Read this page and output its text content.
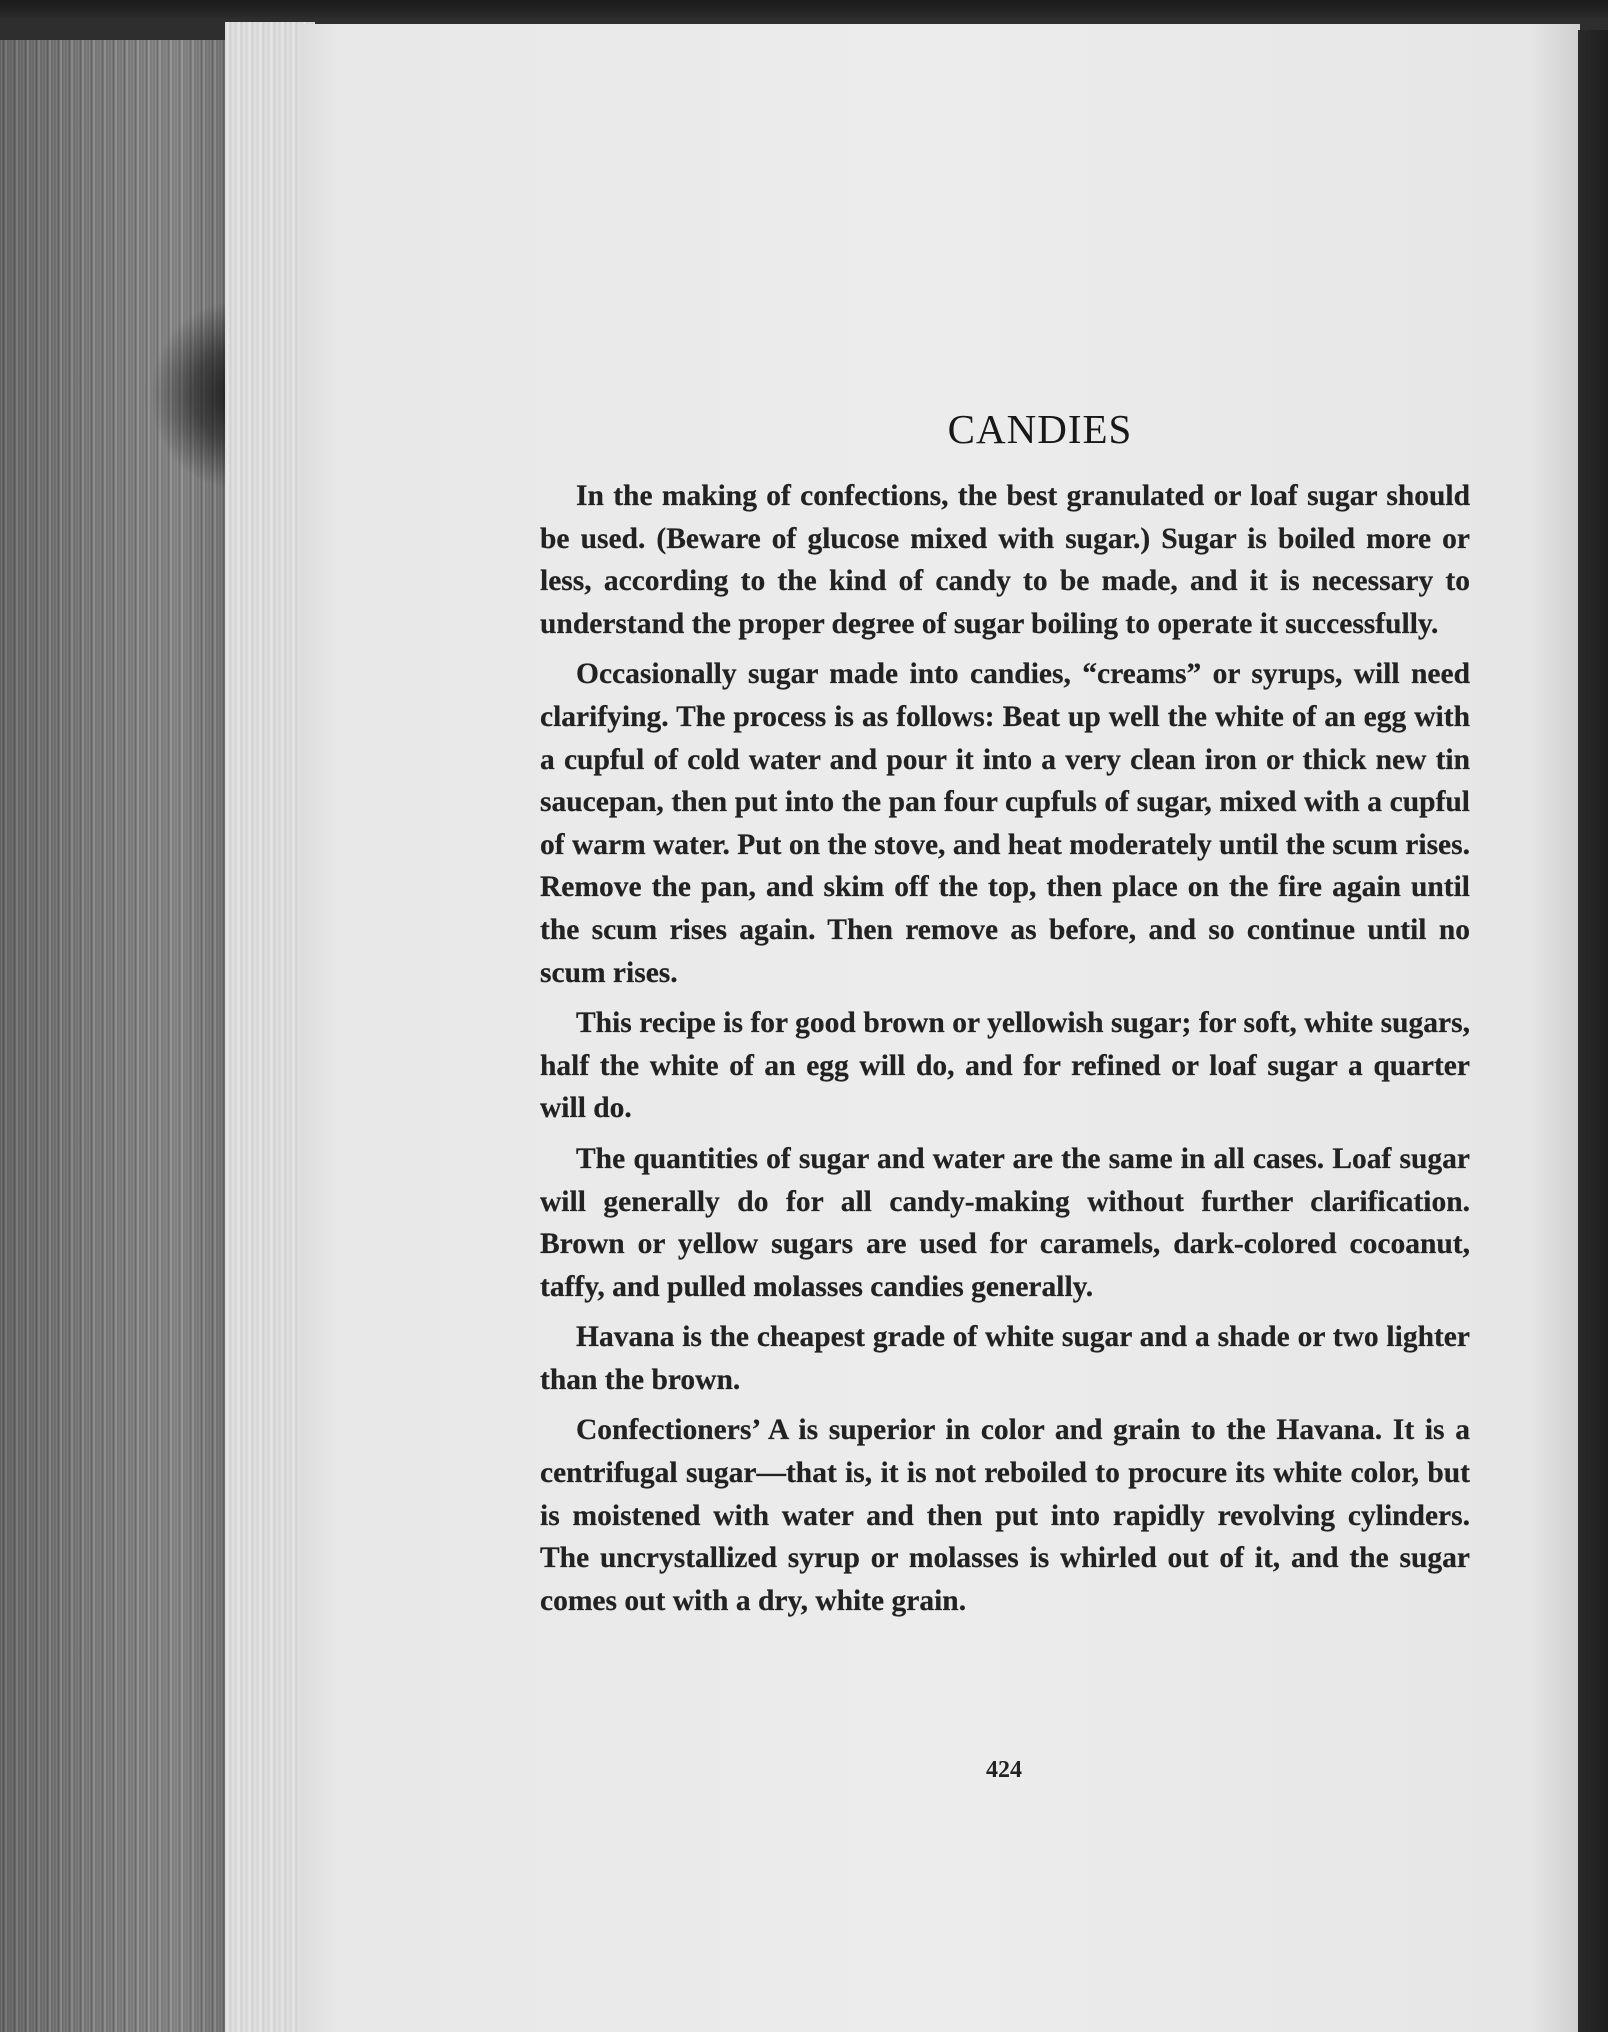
CANDIES

In the making of confections, the best granulated or loaf sugar should be used. (Beware of glucose mixed with sugar.) Sugar is boiled more or less, according to the kind of candy to be made, and it is necessary to understand the proper degree of sugar boiling to operate it successfully.

Occasionally sugar made into candies, “creams” or syrups, will need clarifying. The process is as follows: Beat up well the white of an egg with a cupful of cold water and pour it into a very clean iron or thick new tin saucepan, then put into the pan four cupfuls of sugar, mixed with a cupful of warm water. Put on the stove, and heat moderately until the scum rises. Remove the pan, and skim off the top, then place on the fire again until the scum rises again. Then remove as before, and so continue until no scum rises.

This recipe is for good brown or yellowish sugar; for soft, white sugars, half the white of an egg will do, and for refined or loaf sugar a quarter will do.

The quantities of sugar and water are the same in all cases. Loaf sugar will generally do for all candy-making without further clarification. Brown or yellow sugars are used for caramels, dark-colored cocoanut, taffy, and pulled molasses candies generally.

Havana is the cheapest grade of white sugar and a shade or two lighter than the brown.

Confectioners’ A is superior in color and grain to the Havana. It is a centrifugal sugar—that is, it is not reboiled to procure its white color, but is moistened with water and then put into rapidly revolving cylinders. The uncrystallized syrup or molasses is whirled out of it, and the sugar comes out with a dry, white grain.

424
